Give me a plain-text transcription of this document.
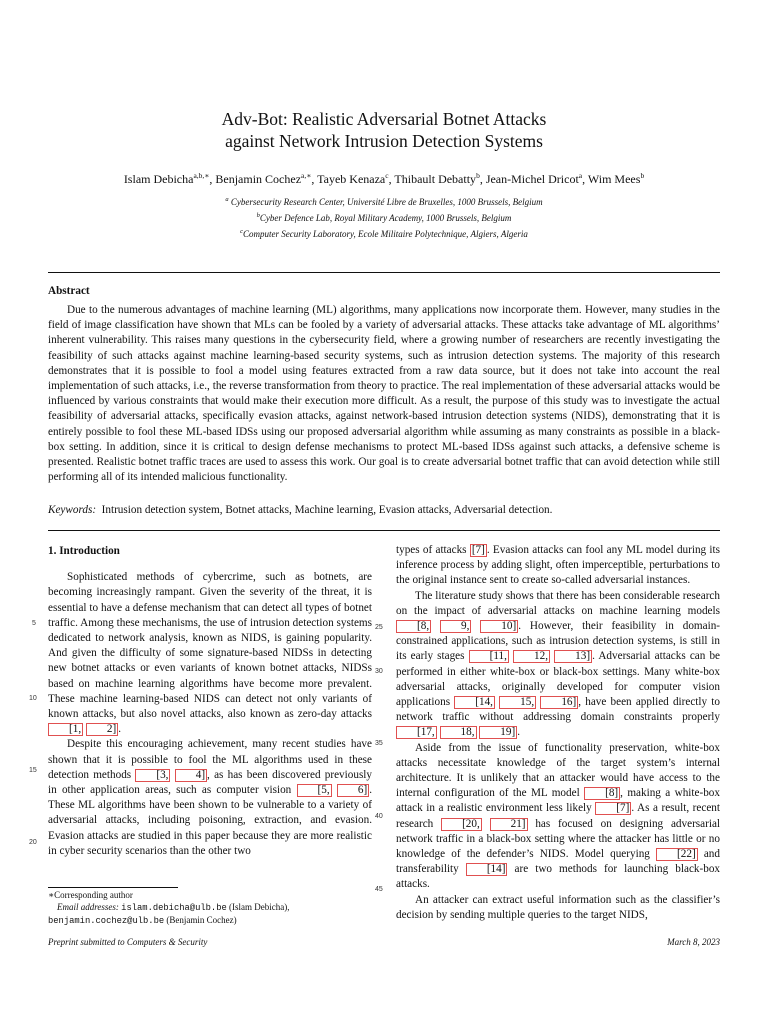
Adv-Bot: Realistic Adversarial Botnet Attacks
against Network Intrusion Detection Systems
Islam Debicha$^{a,b,∗}$, Benjamin Cochez$^{a,∗}$, Tayeb Kenaza$^c$, Thibault Debatty$^b$, Jean-Michel Dricot$^a$, Wim Mees$^b$
$^a$ Cybersecurity Research Center, Université Libre de Bruxelles, 1000 Brussels, Belgium
$^b$Cyber Defence Lab, Royal Military Academy, 1000 Brussels, Belgium
$^c$Computer Security Laboratory, Ecole Militaire Polytechnique, Algiers, Algeria
Abstract
Due to the numerous advantages of machine learning (ML) algorithms, many applications now incorporate them. However, many studies in the field of image classification have shown that MLs can be fooled by a variety of adversarial attacks. These attacks take advantage of ML algorithms’ inherent vulnerability. This raises many questions in the cybersecurity field, where a growing number of researchers are recently investigating the feasibility of such attacks against machine learning-based security systems, such as intrusion detection systems. The majority of this research demonstrates that it is possible to fool a model using features extracted from a raw data source, but it does not take into account the real implementation of such attacks, i.e., the reverse transformation from theory to practice. The real implementation of these adversarial attacks would be influenced by various constraints that would make their execution more difficult. As a result, the purpose of this study was to investigate the actual feasibility of adversarial attacks, specifically evasion attacks, against network-based intrusion detection systems (NIDS), demonstrating that it is entirely possible to fool these ML-based IDSs using our proposed adversarial algorithm while assuming as many constraints as possible in a black-box setting. In addition, since it is critical to design defense mechanisms to protect ML-based IDSs against such attacks, a defensive scheme is presented. Realistic botnet traffic traces are used to assess this work. Our goal is to create adversarial botnet traffic that can avoid detection while still performing all of its intended malicious functionality.
Keywords: Intrusion detection system, Botnet attacks, Machine learning, Evasion attacks, Adversarial detection.
1. Introduction

Sophisticated methods of cybercrime, such as botnets, are becoming increasingly rampant. Given the severity of the threat, it is essential to have a defense mechanism that can detect all types of botnet traffic. Among these mechanisms, the use of intrusion detection systems dedicated to network analysis, known as NIDS, is gaining popularity. And given the difficulty of some signature-based NIDSs in detecting new botnet attacks or even variants of known botnet attacks, NIDSs based on machine learning algorithms have become more prevalent. These machine learning-based NIDS can detect not only variants of known attacks, but also novel attacks, also known as zero-day attacks [1, 2] .

Despite this encouraging achievement, many recent studies have shown that it is possible to fool the ML algorithms used in these detection methods [3, 4] , as has been discovered previously in other application areas, such as computer vision [5,	6] . These ML algorithms have been shown to be vulnerable to a variety of adversarial attacks, including poisoning, extraction, and evasion. Evasion attacks are studied in this paper because they are more realistic in cyber security scenarios than the other two

5
10
15
20
25
30
35
40
45

types of attacks [7] . Evasion attacks can fool any ML model during its inference process by adding slight, often imperceptible, perturbations to the original instance sent to create so-called adversarial instances.

The literature study shows that there has been considerable research on the impact of adversarial attacks on machine learning models [8,	9,	10] . However, their feasibility in domain-constrained applications, such as intrusion detection systems, is still in its early stages [11, 12, 13] . Adversarial attacks can be performed in either white-box or black-box settings. Many white-box adversarial attacks, originally developed for computer vision applications [14, 15, 16] , have been applied directly to network traffic without addressing domain constraints properly [17, 18, 19] .

Aside from the issue of functionality preservation, white-box attacks necessitate knowledge of the target system’s internal architecture. It is unlikely that an attacker would have access to the internal configuration of the ML model [8] , making a white-box attack in a realistic environment less likely [7] . As a result, recent research [20,	21] has focused on designing adversarial network traffic in a black-box setting where the attacker has little or no knowledge of the defender’s NIDS. Model querying [22] and transferability [14] are two methods for launching black-box attacks.

An attacker can extract useful information such as the classifier’s decision by sending multiple queries to the target NIDS,

∗Corresponding author
Email addresses: islam.debicha@ulb.be (Islam Debicha),
benjamin.cochez@ulb.be (Benjamin Cochez)
Preprint submitted to Computers & Security	March 8, 2023
